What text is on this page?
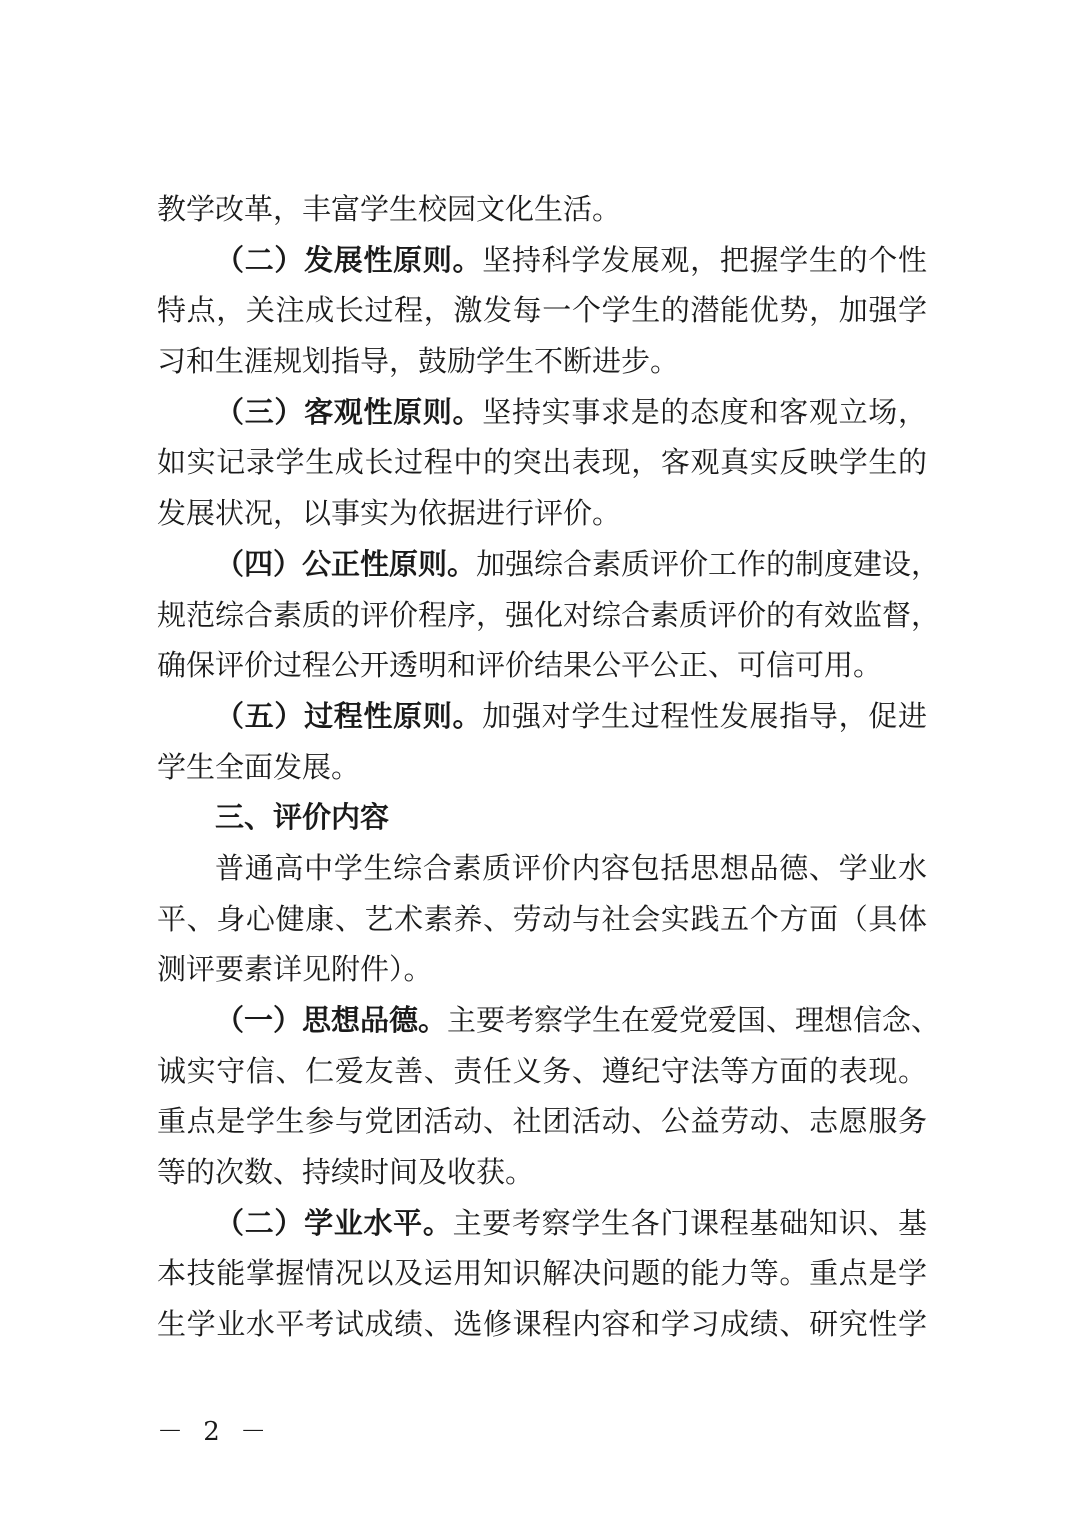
教学改革，丰富学生校园文化生活。
（二）发展性原则。坚持科学发展观，把握学生的个性
特点，关注成长过程，激发每一个学生的潜能优势，加强学
习和生涯规划指导，鼓励学生不断进步。
（三）客观性原则。坚持实事求是的态度和客观立场，
如实记录学生成长过程中的突出表现，客观真实反映学生的
发展状况，以事实为依据进行评价。
（四）公正性原则。加强综合素质评价工作的制度建设，
规范综合素质的评价程序，强化对综合素质评价的有效监督，
确保评价过程公开透明和评价结果公平公正、可信可用。
（五）过程性原则。加强对学生过程性发展指导，促进
学生全面发展。
三、评价内容
普通高中学生综合素质评价内容包括思想品德、学业水
平、身心健康、艺术素养、劳动与社会实践五个方面（具体
测评要素详见附件）。
（一）思想品德。主要考察学生在爱党爱国、理想信念、
诚实守信、仁爱友善、责任义务、遵纪守法等方面的表现。
重点是学生参与党团活动、社团活动、公益劳动、志愿服务
等的次数、持续时间及收获。
（二）学业水平。主要考察学生各门课程基础知识、基
本技能掌握情况以及运用知识解决问题的能力等。重点是学
生学业水平考试成绩、选修课程内容和学习成绩、研究性学
－ 2 －
